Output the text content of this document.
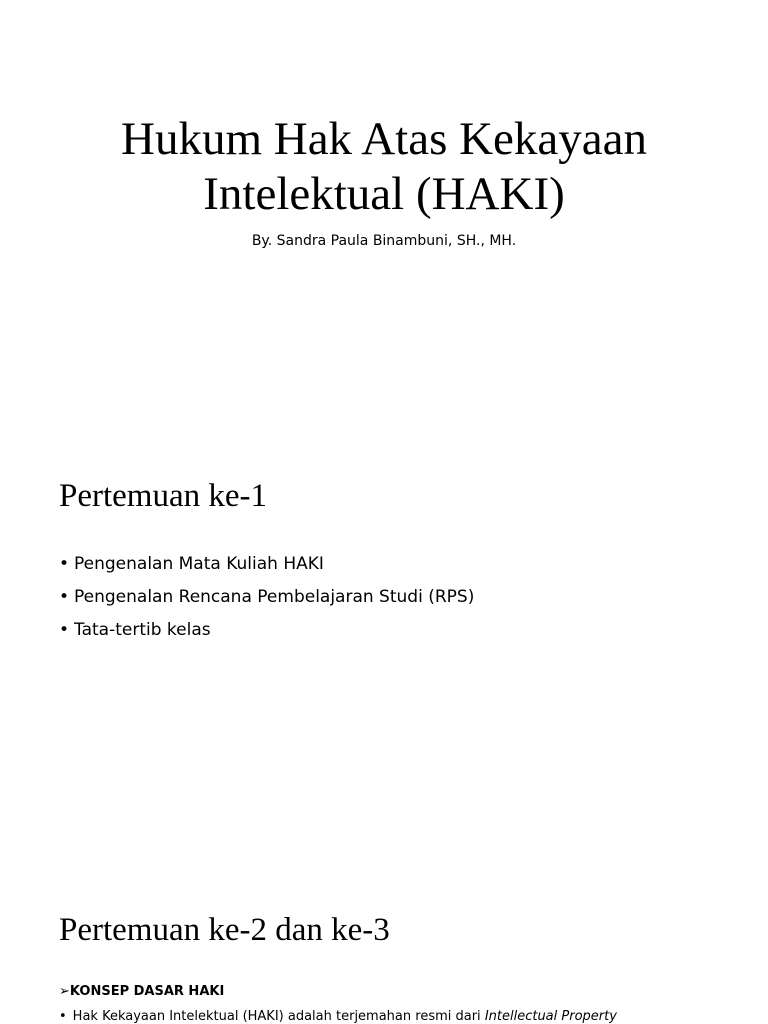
Hukum Hak Atas Kekayaan
Intelektual (HAKI)
By. Sandra Paula Binambuni, SH., MH.
Pertemuan ke-1
• Pengenalan Mata Kuliah HAKI
• Pengenalan Rencana Pembelajaran Studi (RPS)
• Tata-tertib kelas
Pertemuan ke-2 dan ke-3
➢KONSEP DASAR HAKI
• Hak Kekayaan Intelektual (HAKI) adalah terjemahan resmi dari Intellectual Property
